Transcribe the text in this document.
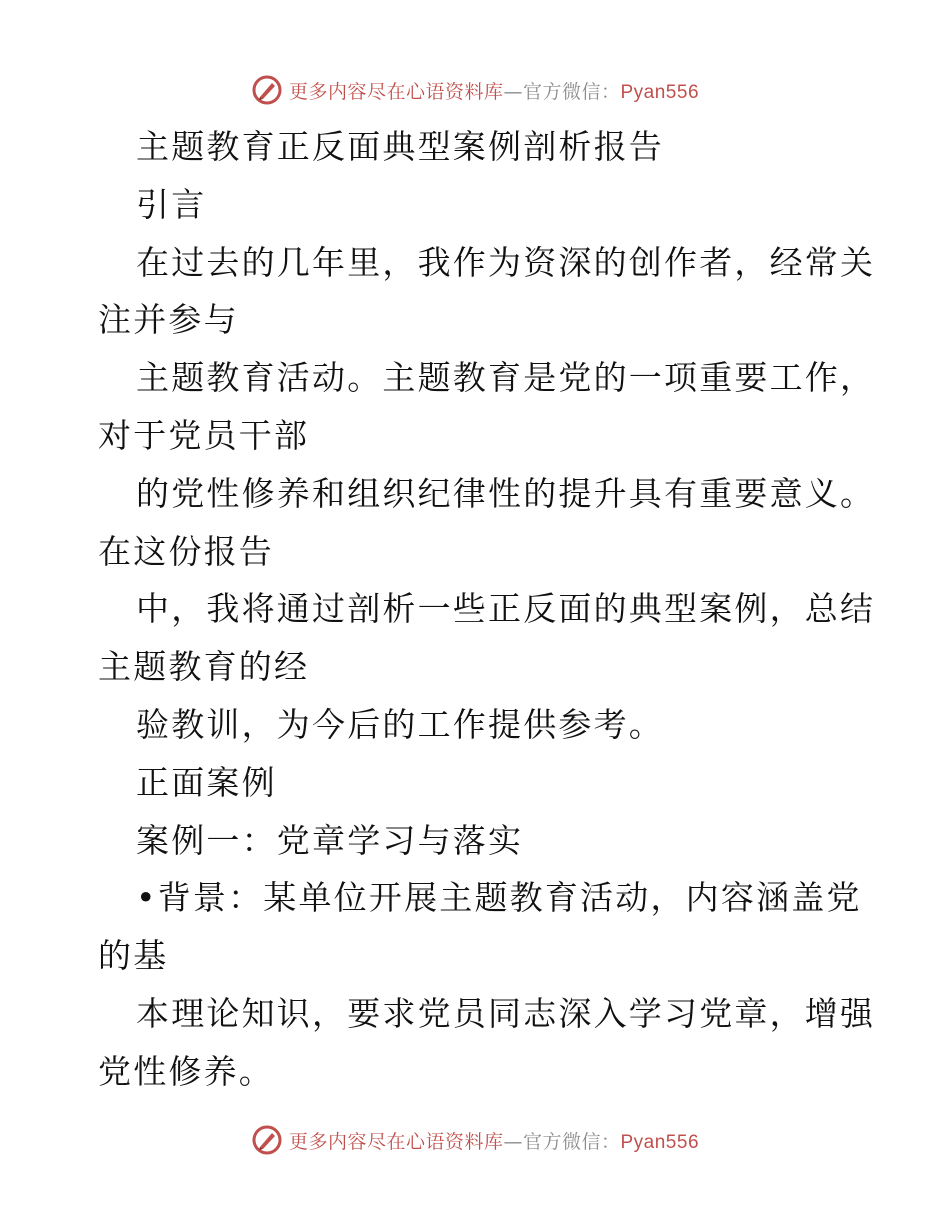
更多内容尽在心语资料库—官方微信：Pyan556
主题教育正反面典型案例剖析报告
引言
在过去的几年里，我作为资深的创作者，经常关
注并参与
主题教育活动。主题教育是党的一项重要工作，
对于党员干部
的党性修养和组织纪律性的提升具有重要意义。
在这份报告
中，我将通过剖析一些正反面的典型案例，总结
主题教育的经
验教训，为今后的工作提供参考。
正面案例
案例一：党章学习与落实
•背景：某单位开展主题教育活动，内容涵盖党
的基
本理论知识，要求党员同志深入学习党章，增强
党性修养。
更多内容尽在心语资料库—官方微信：Pyan556
